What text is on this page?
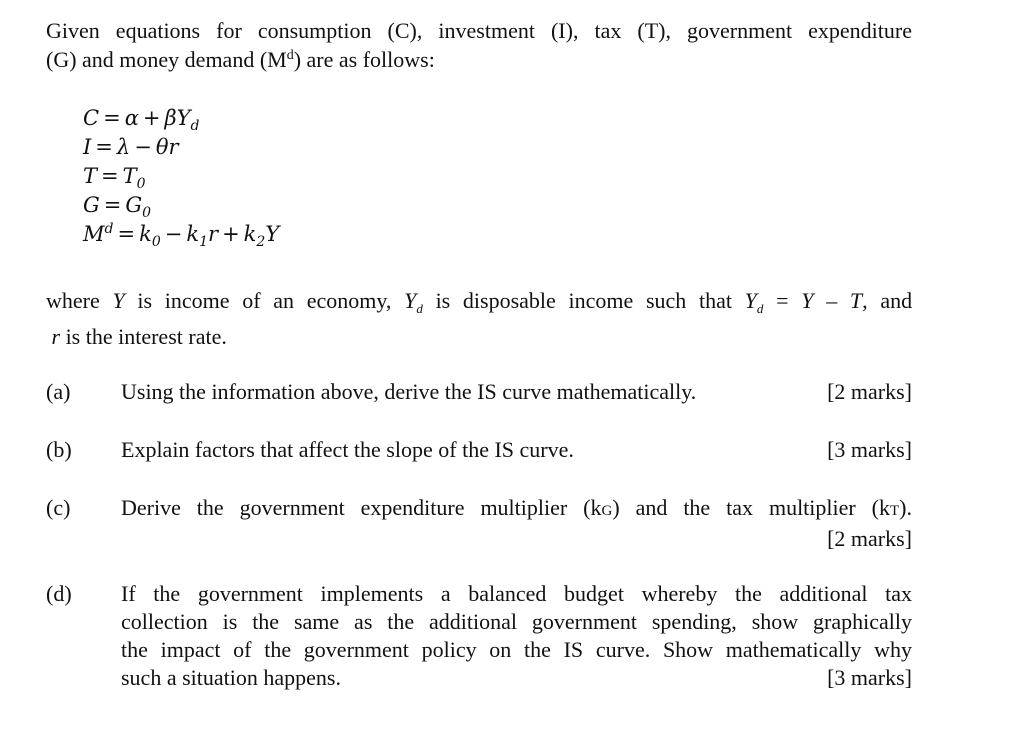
Given equations for consumption (C), investment (I), tax (T), government expenditure

(G) and money demand $(M^d)$ are as follows:

$C = \alpha + \beta Y_d$
I = λ − θr
$T = T_0$
$G = G_0$
$M^d = k_0 - k_1r + k_2Y$

where Y is income of an economy, $Y_d$ is disposable income such that $Y_d = Y - T$, and

r is the interest rate.

(a) Using the information above, derive the IS curve mathematically.	[2 marks]
(b) Explain factors that affect the slope of the IS curve.	[3 marks]
(c) Derive the government expenditure multiplier (kG) and the tax multiplier (kT).
[2 marks]
(d) If the government implements a balanced budget whereby the additional tax
collection is the same as the additional government spending, show graphically
the impact of the government policy on the IS curve. Show mathematically why
such a situation happens.	[3 marks]
